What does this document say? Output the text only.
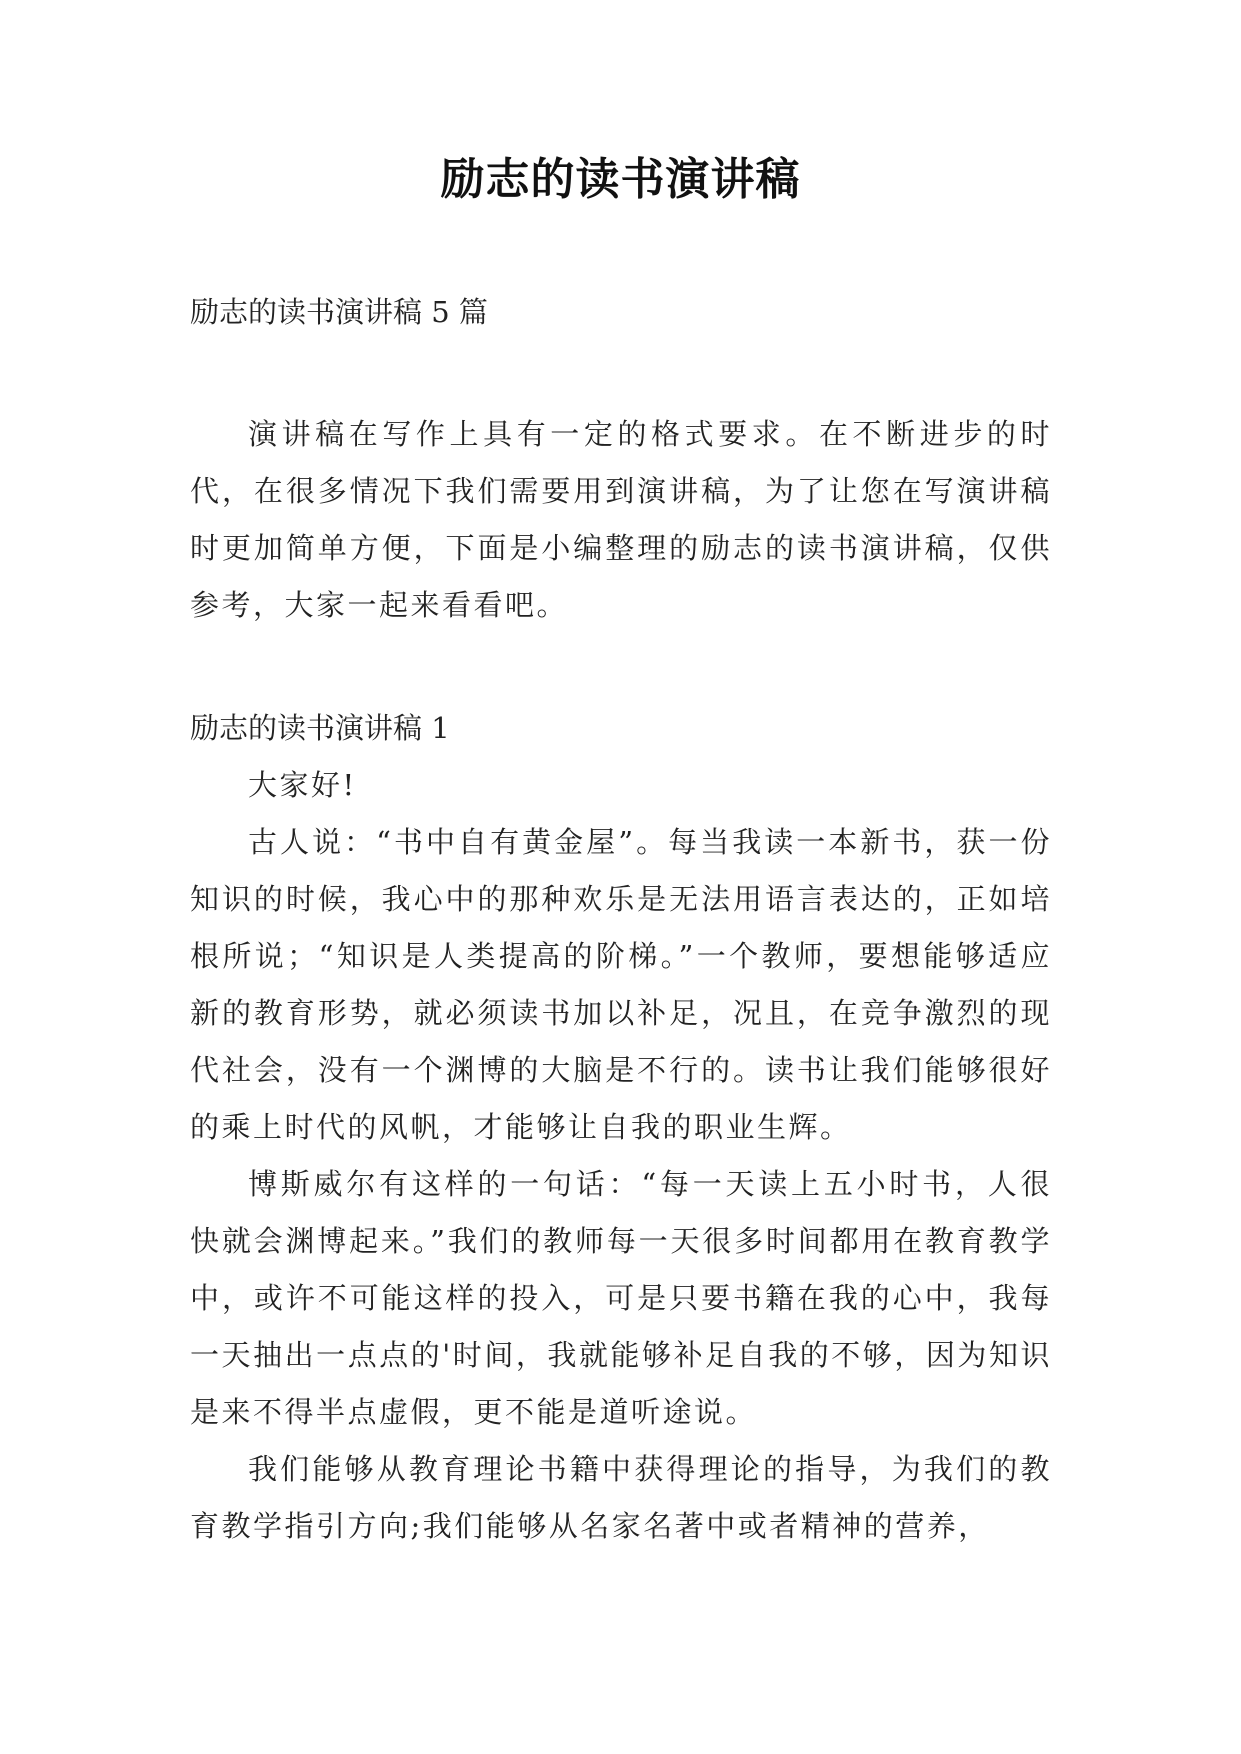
励志的读书演讲稿
励志的读书演讲稿 5 篇

演讲稿在写作上具有一定的格式要求。在不断进步的时代，在很多情况下我们需要用到演讲稿，为了让您在写演讲稿时更加简单方便，下面是小编整理的励志的读书演讲稿，仅供参考，大家一起来看看吧。

励志的读书演讲稿 1

大家好!

古人说：“书中自有黄金屋”。每当我读一本新书，获一份知识的时候，我心中的那种欢乐是无法用语言表达的，正如培根所说；“知识是人类提高的阶梯。”一个教师，要想能够适应新的教育形势，就必须读书加以补足，况且，在竞争激烈的现代社会，没有一个渊博的大脑是不行的。读书让我们能够很好的乘上时代的风帆，才能够让自我的职业生辉。

博斯威尔有这样的一句话：“每一天读上五小时书，人很快就会渊博起来。”我们的教师每一天很多时间都用在教育教学中，或许不可能这样的投入，可是只要书籍在我的心中，我每一天抽出一点点的'时间，我就能够补足自我的不够，因为知识是来不得半点虚假，更不能是道听途说。

我们能够从教育理论书籍中获得理论的指导，为我们的教育教学指引方向;我们能够从名家名著中或者精神的营养，
